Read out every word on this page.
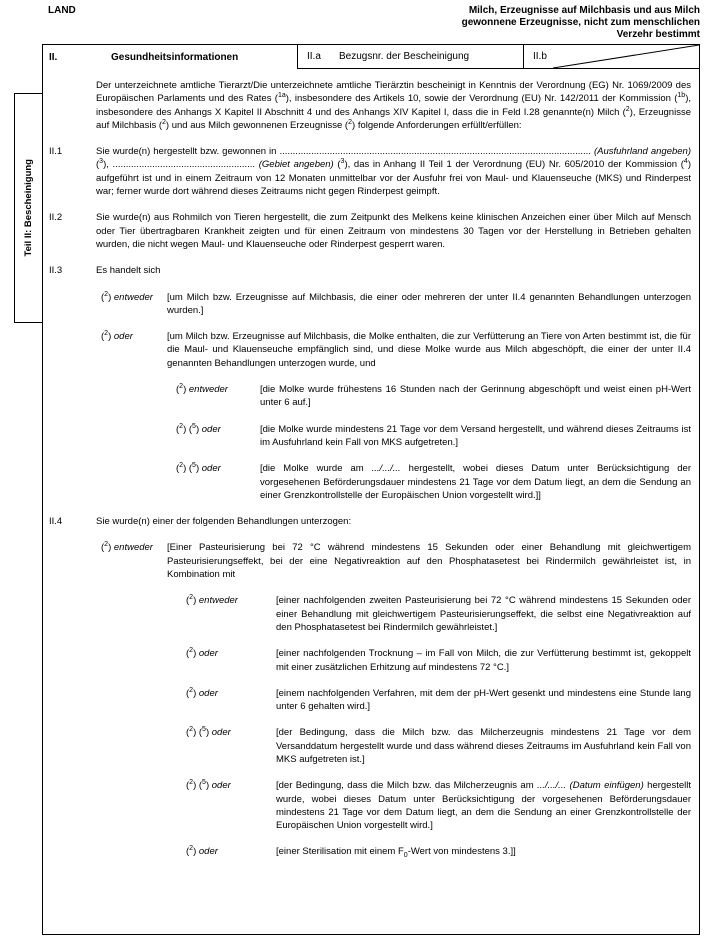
LAND	Milch, Erzeugnisse auf Milchbasis und aus Milch
gewonnene Erzeugnisse, nicht zum menschlichen
Verzehr bestimmt
Teil II: Bescheinigung
II.	Gesundheitsinformationen	II.a	Bezugsnr. der Bescheinigung	II.b
Der unterzeichnete amtliche Tierarzt/Die unterzeichnete amtliche Tierärztin bescheinigt in Kenntnis der Verordnung (EG) Nr. 1069/2009 des Europäischen Parlaments und des Rates ($^{1a}$), insbesondere des Artikels 10, sowie der Verordnung (EU) Nr. 142/2011 der Kommission ($^{1b}$), insbesondere des Anhangs X Kapitel II Abschnitt 4 und des Anhangs XIV Kapitel I, dass die in Feld I.28 genannte(n) Milch ($^2$), Erzeugnisse auf Milchbasis ($^2$) und aus Milch gewonnenen Erzeugnisse ($^2$) folgende Anforderungen erfüllt/erfüllen:
II.1	Sie wurde(n) hergestellt bzw. gewonnen in ...................................................................................................................... (Ausfuhrland angeben) ($^3$), ...................................................... (Gebiet angeben) ($^3$), das in Anhang II Teil 1 der Verordnung (EU) Nr. 605/2010 der Kommission ($^4$) aufgeführt ist und in einem Zeitraum von 12 Monaten unmittelbar vor der Ausfuhr frei von Maul- und Klauenseuche (MKS) und Rinderpest war; ferner wurde dort während dieses Zeitraums nicht gegen Rinderpest geimpft.
II.2	Sie wurde(n) aus Rohmilch von Tieren hergestellt, die zum Zeitpunkt des Melkens keine klinischen Anzeichen einer über Milch auf Mensch oder Tier übertragbaren Krankheit zeigten und für einen Zeitraum von mindestens 30 Tagen vor der Herstellung in Betrieben gehalten wurden, die nicht wegen Maul- und Klauenseuche oder Rinderpest gesperrt waren.
II.3	Es handelt sich
($^2$) entweder	[um Milch bzw. Erzeugnisse auf Milchbasis, die einer oder mehreren der unter II.4 genannten Behandlungen unterzogen wurden.]
($^2$) oder	[um Milch bzw. Erzeugnisse auf Milchbasis, die Molke enthalten, die zur Verfütterung an Tiere von Arten bestimmt ist, die für die Maul- und Klauenseuche empfänglich sind, und diese Molke wurde aus Milch abgeschöpft, die einer der unter II.4 genannten Behandlungen unterzogen wurde, und
($^2$) entweder	[die Molke wurde frühestens 16 Stunden nach der Gerinnung abgeschöpft und weist einen pH-Wert unter 6 auf.]
($^2$) ($^5$) oder	[die Molke wurde mindestens 21 Tage vor dem Versand hergestellt, und während dieses Zeitraums ist im Ausfuhrland kein Fall von MKS aufgetreten.]
($^2$) ($^5$) oder	[die Molke wurde am .../.../... hergestellt, wobei dieses Datum unter Berücksichtigung der vorgesehenen Beförderungsdauer mindestens 21 Tage vor dem Datum liegt, an dem die Sendung an einer Grenzkontrollstelle der Europäischen Union vorgestellt wird.]]
II.4	Sie wurde(n) einer der folgenden Behandlungen unterzogen:
($^2$) entweder	[Einer Pasteurisierung bei 72 °C während mindestens 15 Sekunden oder einer Behandlung mit gleichwertigem Pasteurisierungseffekt, bei der eine Negativreaktion auf den Phosphatasetest bei Rindermilch gewährleistet ist, in Kombination mit
($^2$) entweder	[einer nachfolgenden zweiten Pasteurisierung bei 72 °C während mindestens 15 Sekunden oder einer Behandlung mit gleichwertigem Pasteurisierungseffekt, die selbst eine Negativreaktion auf den Phosphatasetest bei Rindermilch gewährleistet.]
($^2$) oder	[einer nachfolgenden Trocknung – im Fall von Milch, die zur Verfütterung bestimmt ist, gekoppelt mit einer zusätzlichen Erhitzung auf mindestens 72 °C.]
($^2$) oder	[einem nachfolgenden Verfahren, mit dem der pH-Wert gesenkt und mindestens eine Stunde lang unter 6 gehalten wird.]
($^2$) ($^5$) oder	[der Bedingung, dass die Milch bzw. das Milcherzeugnis mindestens 21 Tage vor dem Versanddatum hergestellt wurde und dass während dieses Zeitraums im Ausfuhrland kein Fall von MKS aufgetreten ist.]
($^2$) ($^5$) oder	[der Bedingung, dass die Milch bzw. das Milcherzeugnis am .../.../... (Datum einfügen) hergestellt wurde, wobei dieses Datum unter Berücksichtigung der vorgesehenen Beförderungsdauer mindestens 21 Tage vor dem Datum liegt, an dem die Sendung an einer Grenzkontrollstelle der Europäischen Union vorgestellt wird.]
($^2$) oder	[einer Sterilisation mit einem $F_0$-Wert von mindestens 3.]]
